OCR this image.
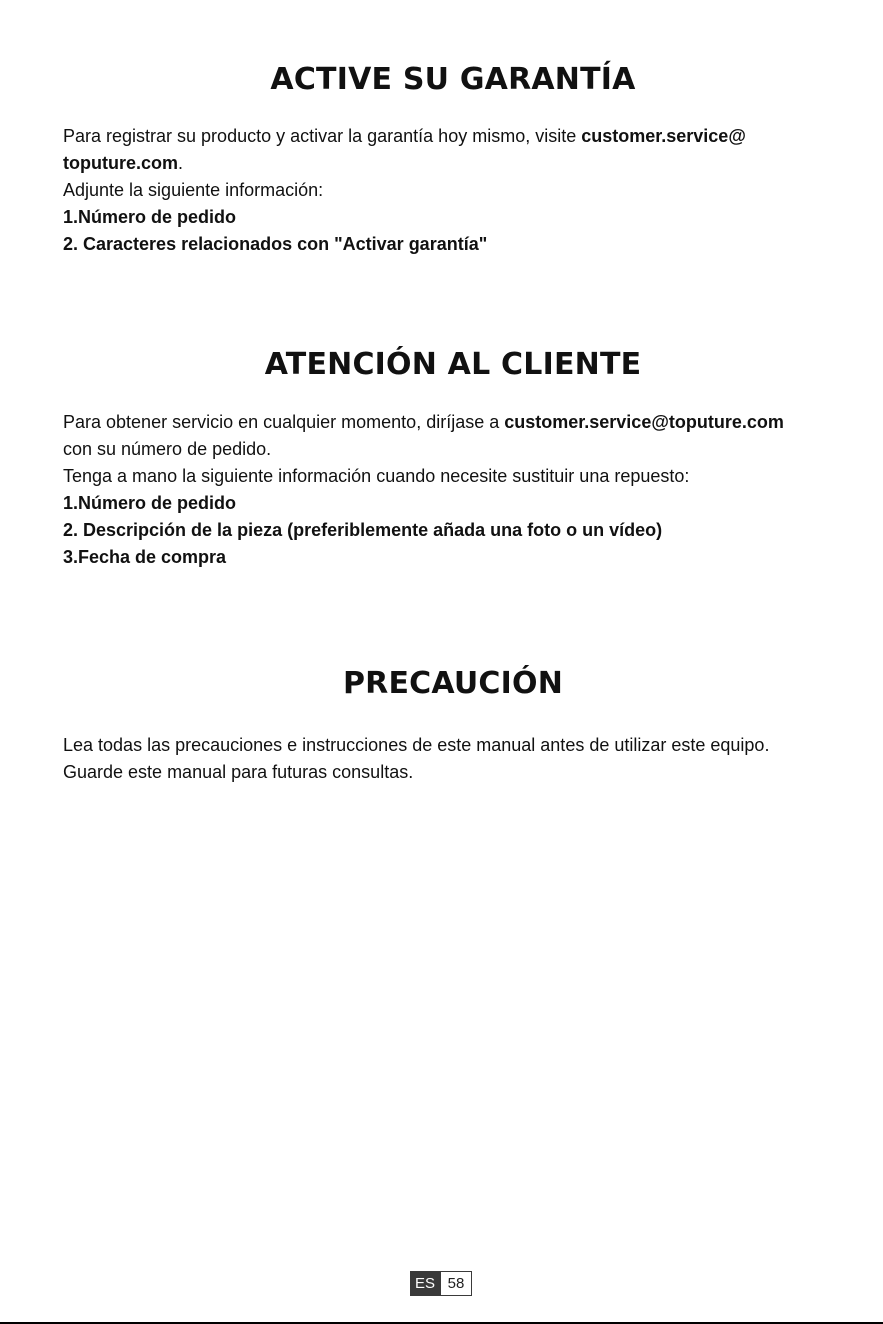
ACTIVE SU GARANTÍA
Para registrar su producto y activar la garantía hoy mismo, visite customer.service@
toputure.com.
Adjunte la siguiente información:
1.Número de pedido
2. Caracteres relacionados con "Activar garantía"
ATENCIÓN AL CLIENTE
Para obtener servicio en cualquier momento, diríjase a customer.service@toputure.com
con su número de pedido.
Tenga a mano la siguiente información cuando necesite sustituir una repuesto:
1.Número de pedido
2. Descripción de la pieza (preferiblemente añada una foto o un vídeo)
3.Fecha de compra
PRECAUCIÓN
Lea todas las precauciones e instrucciones de este manual antes de utilizar este equipo.
Guarde este manual para futuras consultas.
ES 58
